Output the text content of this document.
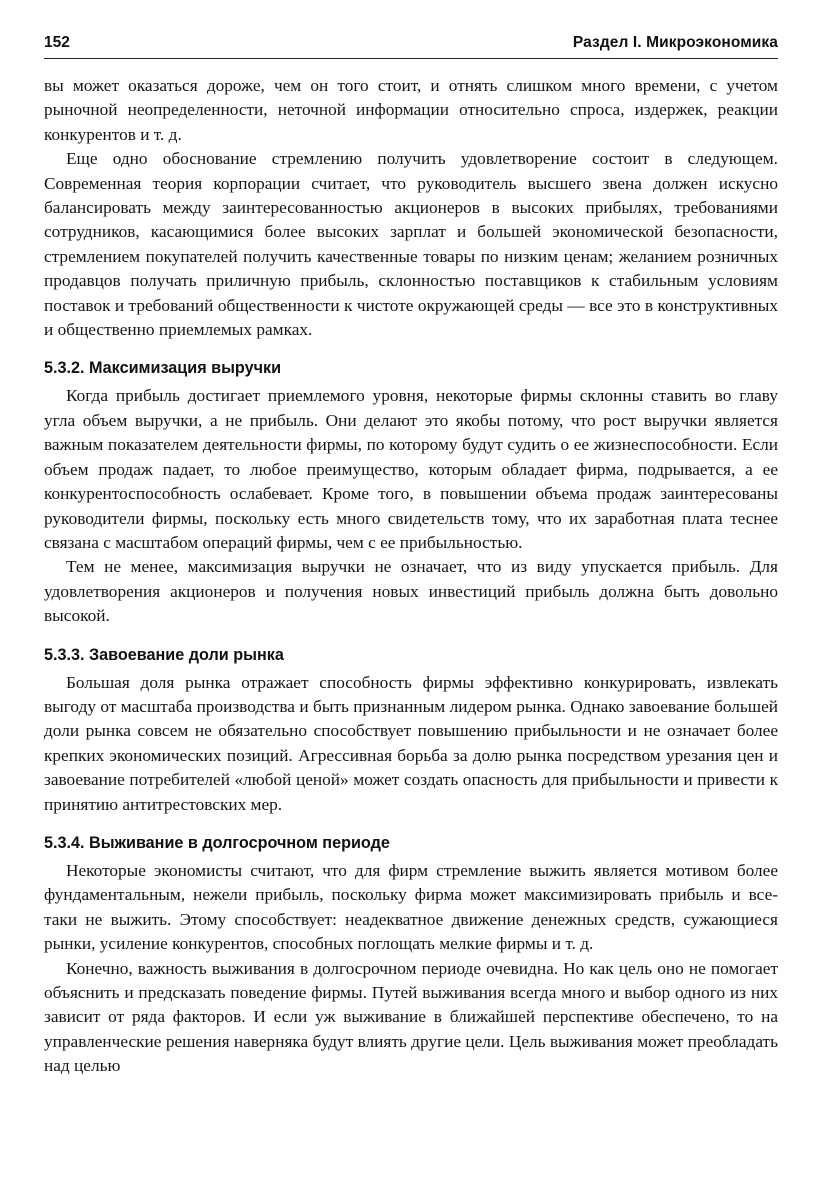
152	Раздел I. Микроэкономика

вы может оказаться дороже, чем он того стоит, и отнять слишком много времени, с учетом рыночной неопределенности, неточной информации относительно спроса, издержек, реакции конкурентов и т. д.

Еще одно обоснование стремлению получить удовлетворение состоит в следующем. Современная теория корпорации считает, что руководитель высшего звена должен искусно балансировать между заинтересованностью акционеров в высоких прибылях, требованиями сотрудников, касающимися более высоких зарплат и большей экономической безопасности, стремлением покупателей получить качественные товары по низким ценам; желанием розничных продавцов получать приличную прибыль, склонностью поставщиков к стабильным условиям поставок и требований общественности к чистоте окружающей среды — все это в конструктивных и общественно приемлемых рамках.

5.3.2. Максимизация выручки

Когда прибыль достигает приемлемого уровня, некоторые фирмы склонны ставить во главу угла объем выручки, а не прибыль. Они делают это якобы потому, что рост выручки является важным показателем деятельности фирмы, по которому будут судить о ее жизнеспособности. Если объем продаж падает, то любое преимущество, которым обладает фирма, подрывается, а ее конкурентоспособность ослабевает. Кроме того, в повышении объема продаж заинтересованы руководители фирмы, поскольку есть много свидетельств тому, что их заработная плата теснее связана с масштабом операций фирмы, чем с ее прибыльностью.

Тем не менее, максимизация выручки не означает, что из виду упускается прибыль. Для удовлетворения акционеров и получения новых инвестиций прибыль должна быть довольно высокой.

5.3.3. Завоевание доли рынка

Большая доля рынка отражает способность фирмы эффективно конкурировать, извлекать выгоду от масштаба производства и быть признанным лидером рынка. Однако завоевание большей доли рынка совсем не обязательно способствует повышению прибыльности и не означает более крепких экономических позиций. Агрессивная борьба за долю рынка посредством урезания цен и завоевание потребителей «любой ценой» может создать опасность для прибыльности и привести к принятию антитрестовских мер.

5.3.4. Выживание в долгосрочном периоде

Некоторые экономисты считают, что для фирм стремление выжить является мотивом более фундаментальным, нежели прибыль, поскольку фирма может максимизировать прибыль и все-таки не выжить. Этому способствует: неадекватное движение денежных средств, сужающиеся рынки, усиление конкурентов, способных поглощать мелкие фирмы и т. д.

Конечно, важность выживания в долгосрочном периоде очевидна. Но как цель оно не помогает объяснить и предсказать поведение фирмы. Путей выживания всегда много и выбор одного из них зависит от ряда факторов. И если уж выживание в ближайшей перспективе обеспечено, то на управленческие решения наверняка будут влиять другие цели. Цель выживания может преобладать над целью
